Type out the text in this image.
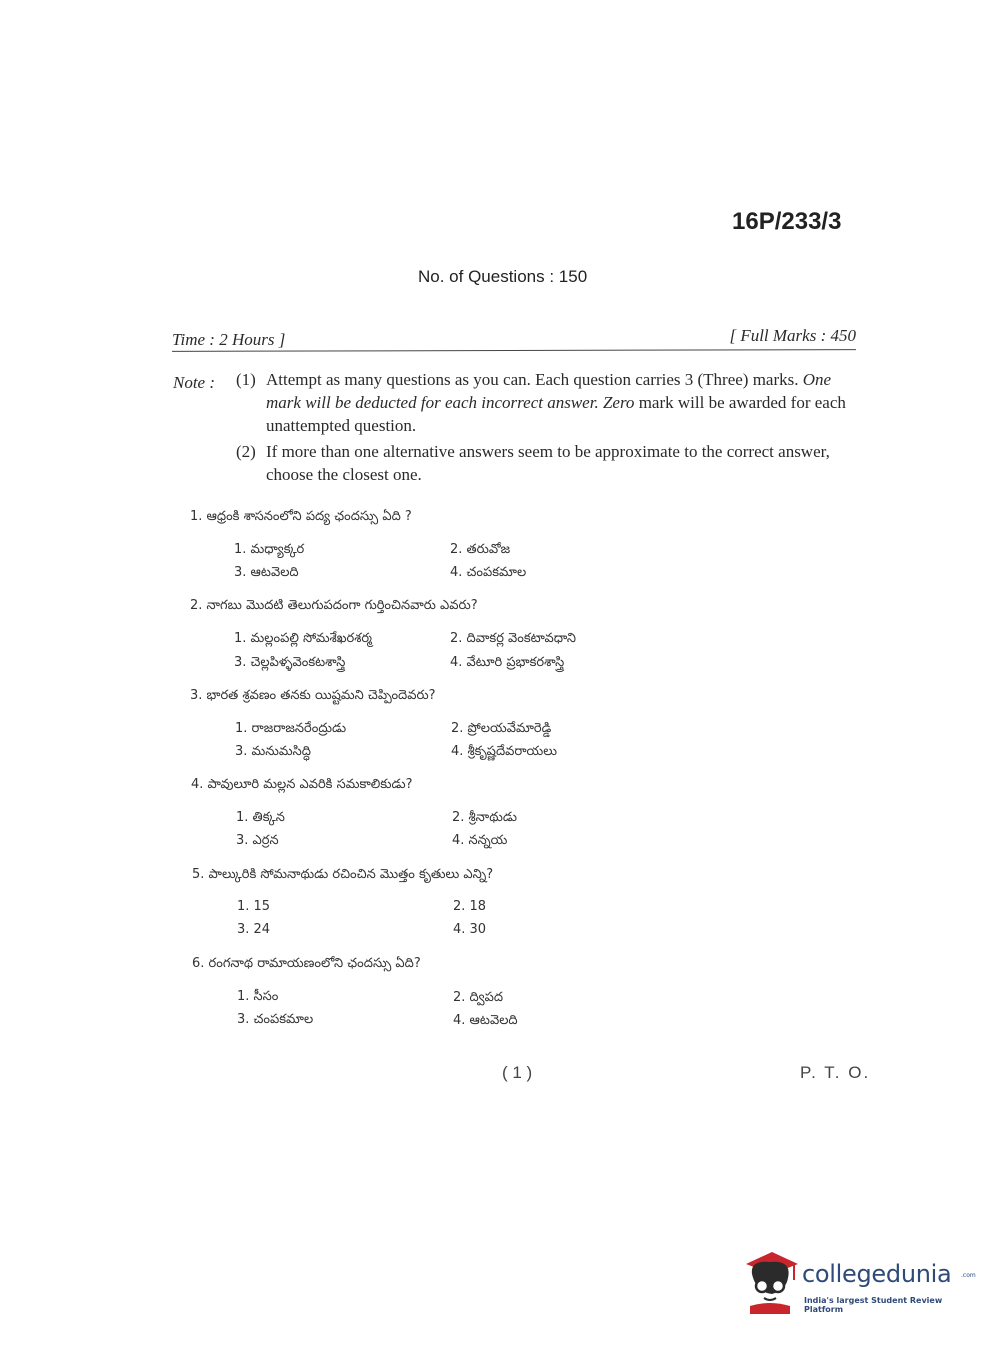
16P/233/3
No. of Questions : 150
Time : 2 Hours ]	[ Full Marks : 450
Note : (1) Attempt as many questions as you can. Each question carries 3 (Three) marks. One mark will be deducted for each incorrect answer. Zero mark will be awarded for each unattempted question.
(2) If more than one alternative answers seem to be approximate to the correct answer, choose the closest one.
1. ఆధ్రంకి శాసనంలోని పద్య ఛందస్సు ఏది ?
1. మధ్యాక్కర	2. తరువోజ
3. ఆటవెలది	4. చంపకమాల
2. నాగబు మొదటి తెలుగుపదంగా గుర్తించినవారు ఎవరు?
1. మల్లంపల్లి సోమశేఖరశర్మ	2. దివాకర్ల వెంకటావధాని
3. చెల్లపిళ్ళవెంకటశాస్త్రి	4. వేటూరి ప్రభాకరశాస్త్రి
3. భారత శ్రవణం తనకు యిష్టమని చెప్పిందెవరు?
1. రాజరాజనరేంద్రుడు	2. ప్రోలయవేమారెడ్డి
3. మనుమసిద్ధి	4. శ్రీకృష్ణదేవరాయలు
4. పావులూరి మల్లన ఎవరికి సమకాలికుడు?
1. తిక్కన	2. శ్రీనాథుడు
3. ఎర్రన	4. నన్నయ
5. పాల్కురికి సోమనాథుడు రచించిన మొత్తం కృతులు ఎన్ని?
1. 15	2. 18
3. 24	4. 30
6. రంగనాథ రామాయణంలోని ఛందస్సు ఏది?
1. సీసం	2. ద్విపద
3. చంపకమాల	4. ఆటవెలది
( 1 )	P. T. O.
collegedunia .com
India's largest Student Review Platform
